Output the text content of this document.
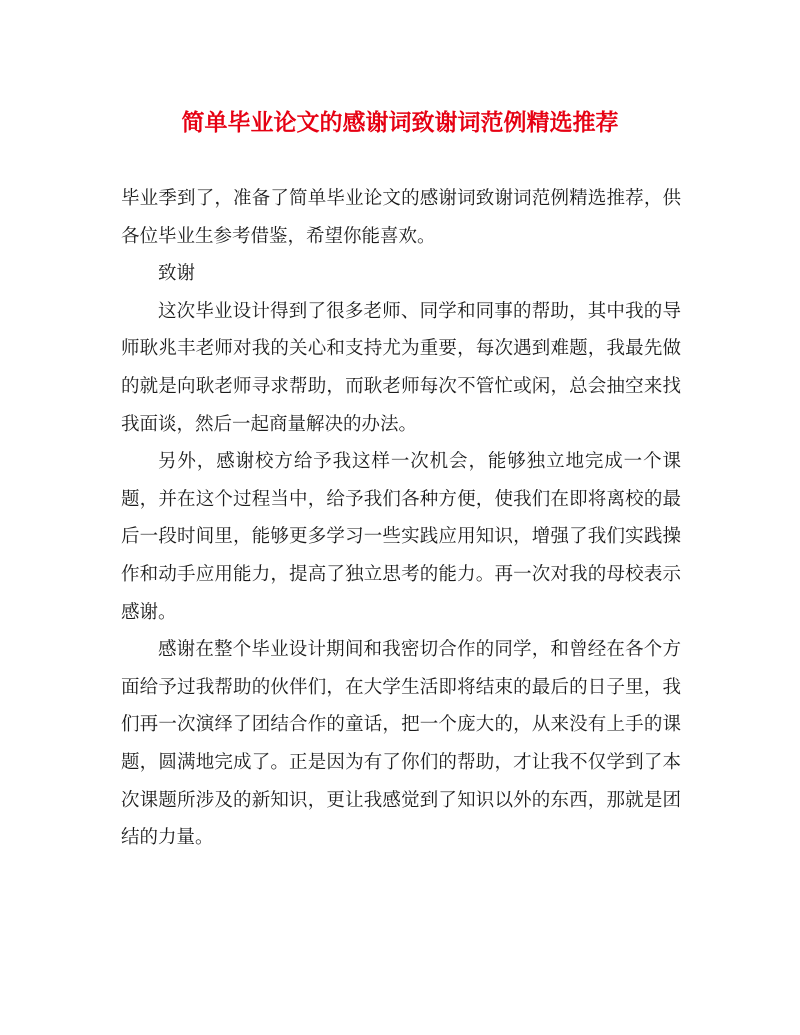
简单毕业论文的感谢词致谢词范例精选推荐

毕业季到了，准备了简单毕业论文的感谢词致谢词范例精选推荐，供各位毕业生参考借鉴，希望你能喜欢。

致谢

这次毕业设计得到了很多老师、同学和同事的帮助，其中我的导师耿兆丰老师对我的关心和支持尤为重要，每次遇到难题，我最先做的就是向耿老师寻求帮助，而耿老师每次不管忙或闲，总会抽空来找我面谈，然后一起商量解决的办法。

另外，感谢校方给予我这样一次机会，能够独立地完成一个课题，并在这个过程当中，给予我们各种方便，使我们在即将离校的最后一段时间里，能够更多学习一些实践应用知识，增强了我们实践操作和动手应用能力，提高了独立思考的能力。再一次对我的母校表示感谢。

感谢在整个毕业设计期间和我密切合作的同学，和曾经在各个方面给予过我帮助的伙伴们，在大学生活即将结束的最后的日子里，我们再一次演绎了团结合作的童话，把一个庞大的，从来没有上手的课题，圆满地完成了。正是因为有了你们的帮助，才让我不仅学到了本次课题所涉及的新知识，更让我感觉到了知识以外的东西，那就是团结的力量。
